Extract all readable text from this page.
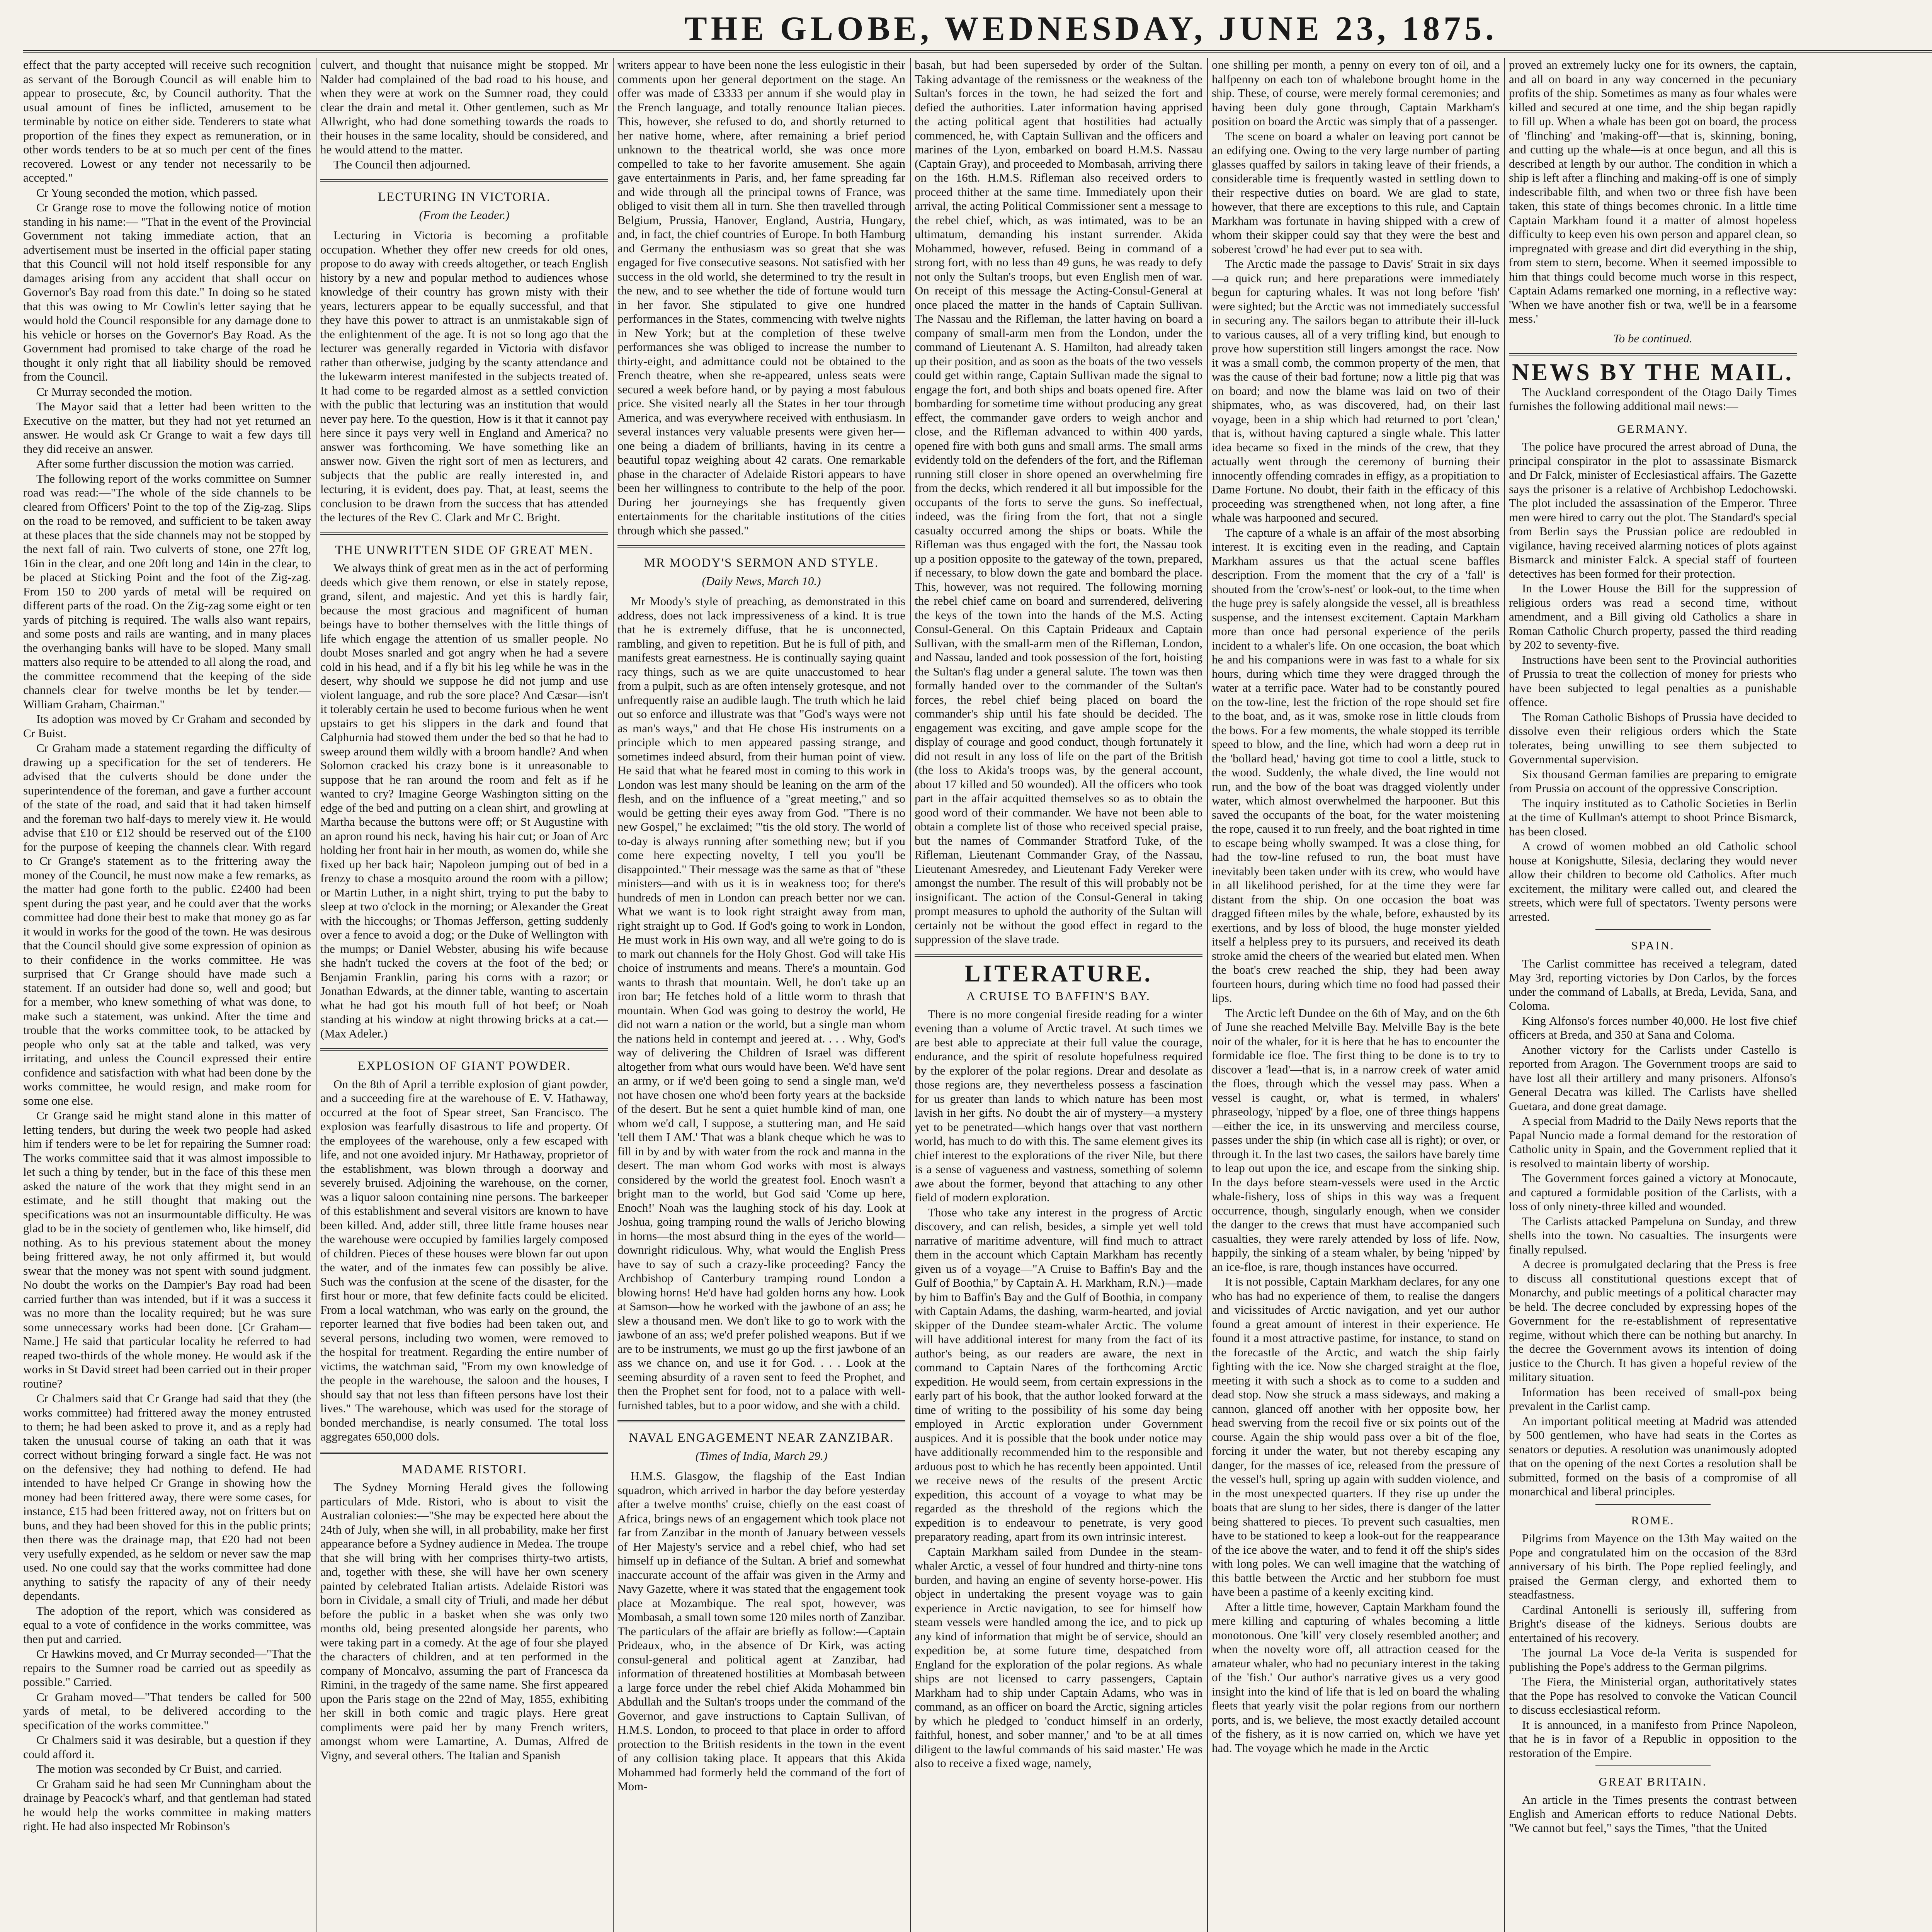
THE GLOBE, WEDNESDAY, JUNE 23, 1875.

effect that the party accepted will receive such recognition as servant of the Borough Council as will enable him to appear to prosecute, &c, by Council authority. That the usual amount of fines be inflicted, amusement to be terminable by notice on either side. Tenderers to state what proportion of the fines they expect as remuneration, or in other words tenders to be at so much per cent of the fines recovered. Lowest or any tender not necessarily to be accepted."

Cr Young seconded the motion, which passed.

Cr Grange rose to move the following notice of motion standing in his name:— "That in the event of the Provincial Government not taking immediate action, that an advertisement must be inserted in the official paper stating that this Council will not hold itself responsible for any damages arising from any accident that shall occur on Governor's Bay road from this date." In doing so he stated that this was owing to Mr Cowlin's letter saying that he would hold the Council responsible for any damage done to his vehicle or horses on the Governor's Bay Road. As the Government had promised to take charge of the road he thought it only right that all liability should be removed from the Council.

Cr Murray seconded the motion.

The Mayor said that a letter had been written to the Executive on the matter, but they had not yet returned an answer. He would ask Cr Grange to wait a few days till they did receive an answer.

After some further discussion the motion was carried.

The following report of the works committee on Sumner road was read:—"The whole of the side channels to be cleared from Officers' Point to the top of the Zig-zag. Slips on the road to be removed, and sufficient to be taken away at these places that the side channels may not be stopped by the next fall of rain. Two culverts of stone, one 27ft log, 16in in the clear, and one 20ft long and 14in in the clear, to be placed at Sticking Point and the foot of the Zig-zag. From 150 to 200 yards of metal will be required on different parts of the road. On the Zig-zag some eight or ten yards of pitching is required. The walls also want repairs, and some posts and rails are wanting, and in many places the overhanging banks will have to be sloped. Many small matters also require to be attended to all along the road, and the committee recommend that the keeping of the side channels clear for twelve months be let by tender.—William Graham, Chairman."

Its adoption was moved by Cr Graham and seconded by Cr Buist.

Cr Graham made a statement regarding the difficulty of drawing up a specification for the set of tenderers. He advised that the culverts should be done under the superintendence of the foreman, and gave a further account of the state of the road, and said that it had taken himself and the foreman two half-days to merely view it. He would advise that £10 or £12 should be reserved out of the £100 for the purpose of keeping the channels clear. With regard to Cr Grange's statement as to the frittering away the money of the Council, he must now make a few remarks, as the matter had gone forth to the public. £2400 had been spent during the past year, and he could aver that the works committee had done their best to make that money go as far it would in works for the good of the town. He was desirous that the Council should give some expression of opinion as to their confidence in the works committee. He was surprised that Cr Grange should have made such a statement. If an outsider had done so, well and good; but for a member, who knew something of what was done, to make such a statement, was unkind. After the time and trouble that the works committee took, to be attacked by people who only sat at the table and talked, was very irritating, and unless the Council expressed their entire confidence and satisfaction with what had been done by the works committee, he would resign, and make room for some one else.

Cr Grange said he might stand alone in this matter of letting tenders, but during the week two people had asked him if tenders were to be let for repairing the Sumner road: The works committee said that it was almost impossible to let such a thing by tender, but in the face of this these men asked the nature of the work that they might send in an estimate, and he still thought that making out the specifications was not an insurmountable difficulty. He was glad to be in the society of gentlemen who, like himself, did nothing. As to his previous statement about the money being frittered away, he not only affirmed it, but would swear that the money was not spent with sound judgment. No doubt the works on the Dampier's Bay road had been carried further than was intended, but if it was a success it was no more than the locality required; but he was sure some unnecessary works had been done. [Cr Graham—Name.] He said that particular locality he referred to had reaped two-thirds of the whole money. He would ask if the works in St David street had been carried out in their proper routine?

Cr Chalmers said that Cr Grange had said that they (the works committee) had frittered away the money entrusted to them; he had been asked to prove it, and as a reply had taken the unusual course of taking an oath that it was correct without bringing forward a single fact. He was not on the defensive; they had nothing to defend. He had intended to have helped Cr Grange in showing how the money had been frittered away, there were some cases, for instance, £15 had been frittered away, not on fritters but on buns, and they had been shoved for this in the public prints; then there was the drainage map, that £20 had not been very usefully expended, as he seldom or never saw the map used. No one could say that the works committee had done anything to satisfy the rapacity of any of their needy dependants.

The adoption of the report, which was considered as equal to a vote of confidence in the works committee, was then put and carried.

Cr Hawkins moved, and Cr Murray seconded—"That the repairs to the Sumner road be carried out as speedily as possible." Carried.

Cr Graham moved—"That tenders be called for 500 yards of metal, to be delivered according to the specification of the works committee."

Cr Chalmers said it was desirable, but a question if they could afford it.

The motion was seconded by Cr Buist, and carried.

Cr Graham said he had seen Mr Cunningham about the drainage by Peacock's wharf, and that gentleman had stated he would help the works committee in making matters right. He had also inspected Mr Robinson's

culvert, and thought that nuisance might be stopped. Mr Nalder had complained of the bad road to his house, and when they were at work on the Sumner road, they could clear the drain and metal it. Other gentlemen, such as Mr Allwright, who had done something towards the roads to their houses in the same locality, should be considered, and he would attend to the matter.

The Council then adjourned.

LECTURING IN VICTORIA.
(From the Leader.)

Lecturing in Victoria is becoming a profitable occupation. Whether they offer new creeds for old ones, propose to do away with creeds altogether, or teach English history by a new and popular method to audiences whose knowledge of their country has grown misty with their years, lecturers appear to be equally successful, and that they have this power to attract is an unmistakable sign of the enlightenment of the age. It is not so long ago that the lecturer was generally regarded in Victoria with disfavor rather than otherwise, judging by the scanty attendance and the lukewarm interest manifested in the subjects treated of. It had come to be regarded almost as a settled conviction with the public that lecturing was an institution that would never pay here. To the question, How is it that it cannot pay here since it pays very well in England and America? no answer was forthcoming. We have something like an answer now. Given the right sort of men as lecturers, and subjects that the public are really interested in, and lecturing, it is evident, does pay. That, at least, seems the conclusion to be drawn from the success that has attended the lectures of the Rev C. Clark and Mr C. Bright.

THE UNWRITTEN SIDE OF GREAT MEN.

We always think of great men as in the act of performing deeds which give them renown, or else in stately repose, grand, silent, and majestic. And yet this is hardly fair, because the most gracious and magnificent of human beings have to bother themselves with the little things of life which engage the attention of us smaller people. No doubt Moses snarled and got angry when he had a severe cold in his head, and if a fly bit his leg while he was in the desert, why should we suppose he did not jump and use violent language, and rub the sore place? And Cæsar—isn't it tolerably certain he used to become furious when he went upstairs to get his slippers in the dark and found that Calphurnia had stowed them under the bed so that he had to sweep around them wildly with a broom handle? And when Solomon cracked his crazy bone is it unreasonable to suppose that he ran around the room and felt as if he wanted to cry? Imagine George Washington sitting on the edge of the bed and putting on a clean shirt, and growling at Martha because the buttons were off; or St Augustine with an apron round his neck, having his hair cut; or Joan of Arc holding her front hair in her mouth, as women do, while she fixed up her back hair; Napoleon jumping out of bed in a frenzy to chase a mosquito around the room with a pillow; or Martin Luther, in a night shirt, trying to put the baby to sleep at two o'clock in the morning; or Alexander the Great with the hiccoughs; or Thomas Jefferson, getting suddenly over a fence to avoid a dog; or the Duke of Wellington with the mumps; or Daniel Webster, abusing his wife because she hadn't tucked the covers at the foot of the bed; or Benjamin Franklin, paring his corns with a razor; or Jonathan Edwards, at the dinner table, wanting to ascertain what he had got his mouth full of hot beef; or Noah standing at his window at night throwing bricks at a cat.—(Max Adeler.)

EXPLOSION OF GIANT POWDER.

On the 8th of April a terrible explosion of giant powder, and a succeeding fire at the warehouse of E. V. Hathaway, occurred at the foot of Spear street, San Francisco. The explosion was fearfully disastrous to life and property. Of the employees of the warehouse, only a few escaped with life, and not one avoided injury. Mr Hathaway, proprietor of the establishment, was blown through a doorway and severely bruised. Adjoining the warehouse, on the corner, was a liquor saloon containing nine persons. The barkeeper of this establishment and several visitors are known to have been killed. And, adder still, three little frame houses near the warehouse were occupied by families largely composed of children. Pieces of these houses were blown far out upon the water, and of the inmates few can possibly be alive. Such was the confusion at the scene of the disaster, for the first hour or more, that few definite facts could be elicited. From a local watchman, who was early on the ground, the reporter learned that five bodies had been taken out, and several persons, including two women, were removed to the hospital for treatment. Regarding the entire number of victims, the watchman said, "From my own knowledge of the people in the warehouse, the saloon and the houses, I should say that not less than fifteen persons have lost their lives." The warehouse, which was used for the storage of bonded merchandise, is nearly consumed. The total loss aggregates 650,000 dols.

MADAME RISTORI.

The Sydney Morning Herald gives the following particulars of Mde. Ristori, who is about to visit the Australian colonies:—"She may be expected here about the 24th of July, when she will, in all probability, make her first appearance before a Sydney audience in Medea. The troupe that she will bring with her comprises thirty-two artists, and, together with these, she will have her own scenery painted by celebrated Italian artists. Adelaide Ristori was born in Cividale, a small city of Triuli, and made her début before the public in a basket when she was only two months old, being presented alongside her parents, who were taking part in a comedy. At the age of four she played the characters of children, and at ten performed in the company of Moncalvo, assuming the part of Francesca da Rimini, in the tragedy of the same name. She first appeared upon the Paris stage on the 22nd of May, 1855, exhibiting her skill in both comic and tragic plays. Here great compliments were paid her by many French writers, amongst whom were Lamartine, A. Dumas, Alfred de Vigny, and several others. The Italian and Spanish

writers appear to have been none the less eulogistic in their comments upon her general deportment on the stage. An offer was made of £3333 per annum if she would play in the French language, and totally renounce Italian pieces. This, however, she refused to do, and shortly returned to her native home, where, after remaining a brief period unknown to the theatrical world, she was once more compelled to take to her favorite amusement. She again gave entertainments in Paris, and, her fame spreading far and wide through all the principal towns of France, was obliged to visit them all in turn. She then travelled through Belgium, Prussia, Hanover, England, Austria, Hungary, and, in fact, the chief countries of Europe. In both Hamburg and Germany the enthusiasm was so great that she was engaged for five consecutive seasons. Not satisfied with her success in the old world, she determined to try the result in the new, and to see whether the tide of fortune would turn in her favor. She stipulated to give one hundred performances in the States, commencing with twelve nights in New York; but at the completion of these twelve performances she was obliged to increase the number to thirty-eight, and admittance could not be obtained to the French theatre, when she re-appeared, unless seats were secured a week before hand, or by paying a most fabulous price. She visited nearly all the States in her tour through America, and was everywhere received with enthusiasm. In several instances very valuable presents were given her—one being a diadem of brilliants, having in its centre a beautiful topaz weighing about 42 carats. One remarkable phase in the character of Adelaide Ristori appears to have been her willingness to contribute to the help of the poor. During her journeyings she has frequently given entertainments for the charitable institutions of the cities through which she passed."

MR MOODY'S SERMON AND STYLE.
(Daily News, March 10.)

Mr Moody's style of preaching, as demonstrated in this address, does not lack impressiveness of a kind. It is true that he is extremely diffuse, that he is unconnected, rambling, and given to repetition. But he is full of pith, and manifests great earnestness. He is continually saying quaint racy things, such as we are quite unaccustomed to hear from a pulpit, such as are often intensely grotesque, and not unfrequently raise an audible laugh. The truth which he laid out so enforce and illustrate was that "God's ways were not as man's ways," and that He chose His instruments on a principle which to men appeared passing strange, and sometimes indeed absurd, from their human point of view. He said that what he feared most in coming to this work in London was lest many should be leaning on the arm of the flesh, and on the influence of a "great meeting," and so would be getting their eyes away from God. "There is no new Gospel," he exclaimed; "'tis the old story. The world of to-day is always running after something new; but if you come here expecting novelty, I tell you you'll be disappointed." Their message was the same as that of "these ministers—and with us it is in weakness too; for there's hundreds of men in London can preach better nor we can. What we want is to look right straight away from man, right straight up to God. If God's going to work in London, He must work in His own way, and all we're going to do is to mark out channels for the Holy Ghost. God will take His choice of instruments and means. There's a mountain. God wants to thrash that mountain. Well, he don't take up an iron bar; He fetches hold of a little worm to thrash that mountain. When God was going to destroy the world, He did not warn a nation or the world, but a single man whom the nations held in contempt and jeered at. . . . Why, God's way of delivering the Children of Israel was different altogether from what ours would have been. We'd have sent an army, or if we'd been going to send a single man, we'd not have chosen one who'd been forty years at the backside of the desert. But he sent a quiet humble kind of man, one whom we'd call, I suppose, a stuttering man, and He said 'tell them I AM.' That was a blank cheque which he was to fill in by and by with water from the rock and manna in the desert. The man whom God works with most is always considered by the world the greatest fool. Enoch wasn't a bright man to the world, but God said 'Come up here, Enoch!' Noah was the laughing stock of his day. Look at Joshua, going tramping round the walls of Jericho blowing in horns—the most absurd thing in the eyes of the world—downright ridiculous. Why, what would the English Press have to say of such a crazy-like proceeding? Fancy the Archbishop of Canterbury tramping round London a blowing horns! He'd have had golden horns any how. Look at Samson—how he worked with the jawbone of an ass; he slew a thousand men. We don't like to go to work with the jawbone of an ass; we'd prefer polished weapons. But if we are to be instruments, we must go up the first jawbone of an ass we chance on, and use it for God. . . . Look at the seeming absurdity of a raven sent to feed the Prophet, and then the Prophet sent for food, not to a palace with well-furnished tables, but to a poor widow, and she with a child.

NAVAL ENGAGEMENT NEAR ZANZIBAR.
(Times of India, March 29.)

H.M.S. Glasgow, the flagship of the East Indian squadron, which arrived in harbor the day before yesterday after a twelve months' cruise, chiefly on the east coast of Africa, brings news of an engagement which took place not far from Zanzibar in the month of January between vessels of Her Majesty's service and a rebel chief, who had set himself up in defiance of the Sultan. A brief and somewhat inaccurate account of the affair was given in the Army and Navy Gazette, where it was stated that the engagement took place at Mozambique. The real spot, however, was Mombasah, a small town some 120 miles north of Zanzibar. The particulars of the affair are briefly as follow:—Captain Prideaux, who, in the absence of Dr Kirk, was acting consul-general and political agent at Zanzibar, had information of threatened hostilities at Mombasah between a large force under the rebel chief Akida Mohammed bin Abdullah and the Sultan's troops under the command of the Governor, and gave instructions to Captain Sullivan, of H.M.S. London, to proceed to that place in order to afford protection to the British residents in the town in the event of any collision taking place. It appears that this Akida Mohammed had formerly held the command of the fort of Mom-

basah, but had been superseded by order of the Sultan. Taking advantage of the remissness or the weakness of the Sultan's forces in the town, he had seized the fort and defied the authorities. Later information having apprised the acting political agent that hostilities had actually commenced, he, with Captain Sullivan and the officers and marines of the Lyon, embarked on board H.M.S. Nassau (Captain Gray), and proceeded to Mombasah, arriving there on the 16th. H.M.S. Rifleman also received orders to proceed thither at the same time. Immediately upon their arrival, the acting Political Commissioner sent a message to the rebel chief, which, as was intimated, was to be an ultimatum, demanding his instant surrender. Akida Mohammed, however, refused. Being in command of a strong fort, with no less than 49 guns, he was ready to defy not only the Sultan's troops, but even English men of war. On receipt of this message the Acting-Consul-General at once placed the matter in the hands of Captain Sullivan. The Nassau and the Rifleman, the latter having on board a company of small-arm men from the London, under the command of Lieutenant A. S. Hamilton, had already taken up their position, and as soon as the boats of the two vessels could get within range, Captain Sullivan made the signal to engage the fort, and both ships and boats opened fire. After bombarding for sometime time without producing any great effect, the commander gave orders to weigh anchor and close, and the Rifleman advanced to within 400 yards, opened fire with both guns and small arms. The small arms evidently told on the defenders of the fort, and the Rifleman running still closer in shore opened an overwhelming fire from the decks, which rendered it all but impossible for the occupants of the forts to serve the guns. So ineffectual, indeed, was the firing from the fort, that not a single casualty occurred among the ships or boats. While the Rifleman was thus engaged with the fort, the Nassau took up a position opposite to the gateway of the town, prepared, if necessary, to blow down the gate and bombard the place. This, however, was not required. The following morning the rebel chief came on board and surrendered, delivering the keys of the town into the hands of the M.S. Acting Consul-General. On this Captain Prideaux and Captain Sullivan, with the small-arm men of the Rifleman, London, and Nassau, landed and took possession of the fort, hoisting the Sultan's flag under a general salute. The town was then formally handed over to the commander of the Sultan's forces, the rebel chief being placed on board the commander's ship until his fate should be decided. The engagement was exciting, and gave ample scope for the display of courage and good conduct, though fortunately it did not result in any loss of life on the part of the British (the loss to Akida's troops was, by the general account, about 17 killed and 50 wounded). All the officers who took part in the affair acquitted themselves so as to obtain the good word of their commander. We have not been able to obtain a complete list of those who received special praise, but the names of Commander Stratford Tuke, of the Rifleman, Lieutenant Commander Gray, of the Nassau, Lieutenant Amesredey, and Lieutenant Fady Vereker were amongst the number. The result of this will probably not be insignificant. The action of the Consul-General in taking prompt measures to uphold the authority of the Sultan will certainly not be without the good effect in regard to the suppression of the slave trade.

LITERATURE.
A CRUISE TO BAFFIN'S BAY.

There is no more congenial fireside reading for a winter evening than a volume of Arctic travel. At such times we are best able to appreciate at their full value the courage, endurance, and the spirit of resolute hopefulness required by the explorer of the polar regions. Drear and desolate as those regions are, they nevertheless possess a fascination for us greater than lands to which nature has been most lavish in her gifts. No doubt the air of mystery—a mystery yet to be penetrated—which hangs over that vast northern world, has much to do with this. The same element gives its chief interest to the explorations of the river Nile, but there is a sense of vagueness and vastness, something of solemn awe about the former, beyond that attaching to any other field of modern exploration.

Those who take any interest in the progress of Arctic discovery, and can relish, besides, a simple yet well told narrative of maritime adventure, will find much to attract them in the account which Captain Markham has recently given us of a voyage—"A Cruise to Baffin's Bay and the Gulf of Boothia," by Captain A. H. Markham, R.N.)—made by him to Baffin's Bay and the Gulf of Boothia, in company with Captain Adams, the dashing, warm-hearted, and jovial skipper of the Dundee steam-whaler Arctic. The volume will have additional interest for many from the fact of its author's being, as our readers are aware, the next in command to Captain Nares of the forthcoming Arctic expedition. He would seem, from certain expressions in the early part of his book, that the author looked forward at the time of writing to the possibility of his some day being employed in Arctic exploration under Government auspices. And it is possible that the book under notice may have additionally recommended him to the responsible and arduous post to which he has recently been appointed. Until we receive news of the results of the present Arctic expedition, this account of a voyage to what may be regarded as the threshold of the regions which the expedition is to endeavour to penetrate, is very good preparatory reading, apart from its own intrinsic interest.

Captain Markham sailed from Dundee in the steam-whaler Arctic, a vessel of four hundred and thirty-nine tons burden, and having an engine of seventy horse-power. His object in undertaking the present voyage was to gain experience in Arctic navigation, to see for himself how steam vessels were handled among the ice, and to pick up any kind of information that might be of service, should an expedition be, at some future time, despatched from England for the exploration of the polar regions. As whale ships are not licensed to carry passengers, Captain Markham had to ship under Captain Adams, who was in command, as an officer on board the Arctic, signing articles by which he pledged to 'conduct himself in an orderly, faithful, honest, and sober manner,' and 'to be at all times diligent to the lawful commands of his said master.' He was also to receive a fixed wage, namely,

one shilling per month, a penny on every ton of oil, and a halfpenny on each ton of whalebone brought home in the ship. These, of course, were merely formal ceremonies; and having been duly gone through, Captain Markham's position on board the Arctic was simply that of a passenger.

The scene on board a whaler on leaving port cannot be an edifying one. Owing to the very large number of parting glasses quaffed by sailors in taking leave of their friends, a considerable time is frequently wasted in settling down to their respective duties on board. We are glad to state, however, that there are exceptions to this rule, and Captain Markham was fortunate in having shipped with a crew of whom their skipper could say that they were the best and soberest 'crowd' he had ever put to sea with.

The Arctic made the passage to Davis' Strait in six days—a quick run; and here preparations were immediately begun for capturing whales. It was not long before 'fish' were sighted; but the Arctic was not immediately successful in securing any. The sailors began to attribute their ill-luck to various causes, all of a very trifling kind, but enough to prove how superstition still lingers amongst the race. Now it was a small comb, the common property of the men, that was the cause of their bad fortune; now a little pig that was on board; and now the blame was laid on two of their shipmates, who, as was discovered, had, on their last voyage, been in a ship which had returned to port 'clean,' that is, without having captured a single whale. This latter idea became so fixed in the minds of the crew, that they actually went through the ceremony of burning their innocently offending comrades in effigy, as a propitiation to Dame Fortune. No doubt, their faith in the efficacy of this proceeding was strengthened when, not long after, a fine whale was harpooned and secured.

The capture of a whale is an affair of the most absorbing interest. It is exciting even in the reading, and Captain Markham assures us that the actual scene baffles description. From the moment that the cry of a 'fall' is shouted from the 'crow's-nest' or look-out, to the time when the huge prey is safely alongside the vessel, all is breathless suspense, and the intensest excitement. Captain Markham more than once had personal experience of the perils incident to a whaler's life. On one occasion, the boat which he and his companions were in was fast to a whale for six hours, during which time they were dragged through the water at a terrific pace. Water had to be constantly poured on the tow-line, lest the friction of the rope should set fire to the boat, and, as it was, smoke rose in little clouds from the bows. For a few moments, the whale stopped its terrible speed to blow, and the line, which had worn a deep rut in the 'bollard head,' having got time to cool a little, stuck to the wood. Suddenly, the whale dived, the line would not run, and the bow of the boat was dragged violently under water, which almost overwhelmed the harpooner. But this saved the occupants of the boat, for the water moistening the rope, caused it to run freely, and the boat righted in time to escape being wholly swamped. It was a close thing, for had the tow-line refused to run, the boat must have inevitably been taken under with its crew, who would have in all likelihood perished, for at the time they were far distant from the ship. On one occasion the boat was dragged fifteen miles by the whale, before, exhausted by its exertions, and by loss of blood, the huge monster yielded itself a helpless prey to its pursuers, and received its death stroke amid the cheers of the wearied but elated men. When the boat's crew reached the ship, they had been away fourteen hours, during which time no food had passed their lips.

The Arctic left Dundee on the 6th of May, and on the 6th of June she reached Melville Bay. Melville Bay is the bete noir of the whaler, for it is here that he has to encounter the formidable ice floe. The first thing to be done is to try to discover a 'lead'—that is, in a narrow creek of water amid the floes, through which the vessel may pass. When a vessel is caught, or, what is termed, in whalers' phraseology, 'nipped' by a floe, one of three things happens—either the ice, in its unswerving and merciless course, passes under the ship (in which case all is right); or over, or through it. In the last two cases, the sailors have barely time to leap out upon the ice, and escape from the sinking ship. In the days before steam-vessels were used in the Arctic whale-fishery, loss of ships in this way was a frequent occurrence, though, singularly enough, when we consider the danger to the crews that must have accompanied such casualties, they were rarely attended by loss of life. Now, happily, the sinking of a steam whaler, by being 'nipped' by an ice-floe, is rare, though instances have occurred.

It is not possible, Captain Markham declares, for any one who has had no experience of them, to realise the dangers and vicissitudes of Arctic navigation, and yet our author found a great amount of interest in their experience. He found it a most attractive pastime, for instance, to stand on the forecastle of the Arctic, and watch the ship fairly fighting with the ice. Now she charged straight at the floe, meeting it with such a shock as to come to a sudden and dead stop. Now she struck a mass sideways, and making a cannon, glanced off another with her opposite bow, her head swerving from the recoil five or six points out of the course. Again the ship would pass over a bit of the floe, forcing it under the water, but not thereby escaping any danger, for the masses of ice, released from the pressure of the vessel's hull, spring up again with sudden violence, and in the most unexpected quarters. If they rise up under the boats that are slung to her sides, there is danger of the latter being shattered to pieces. To prevent such casualties, men have to be stationed to keep a look-out for the reappearance of the ice above the water, and to fend it off the ship's sides with long poles. We can well imagine that the watching of this battle between the Arctic and her stubborn foe must have been a pastime of a keenly exciting kind.

After a little time, however, Captain Markham found the mere killing and capturing of whales becoming a little monotonous. One 'kill' very closely resembled another; and when the novelty wore off, all attraction ceased for the amateur whaler, who had no pecuniary interest in the taking of the 'fish.' Our author's narrative gives us a very good insight into the kind of life that is led on board the whaling fleets that yearly visit the polar regions from our northern ports, and is, we believe, the most exactly detailed account of the fishery, as it is now carried on, which we have yet had. The voyage which he made in the Arctic

proved an extremely lucky one for its owners, the captain, and all on board in any way concerned in the pecuniary profits of the ship. Sometimes as many as four whales were killed and secured at one time, and the ship began rapidly to fill up. When a whale has been got on board, the process of 'flinching' and 'making-off'—that is, skinning, boning, and cutting up the whale—is at once begun, and all this is described at length by our author. The condition in which a ship is left after a flinching and making-off is one of simply indescribable filth, and when two or three fish have been taken, this state of things becomes chronic. In a little time Captain Markham found it a matter of almost hopeless difficulty to keep even his own person and apparel clean, so impregnated with grease and dirt did everything in the ship, from stem to stern, become. When it seemed impossible to him that things could become much worse in this respect, Captain Adams remarked one morning, in a reflective way: 'When we have another fish or twa, we'll be in a fearsome mess.'

To be continued.
NEWS BY THE MAIL.

The Auckland correspondent of the Otago Daily Times furnishes the following additional mail news:—

GERMANY.

The police have procured the arrest abroad of Duna, the principal conspirator in the plot to assassinate Bismarck and Dr Falck, minister of Ecclesiastical affairs. The Gazette says the prisoner is a relative of Archbishop Ledochowski. The plot included the assassination of the Emperor. Three men were hired to carry out the plot. The Standard's special from Berlin says the Prussian police are redoubled in vigilance, having received alarming notices of plots against Bismarck and minister Falck. A special staff of fourteen detectives has been formed for their protection.

In the Lower House the Bill for the suppression of religious orders was read a second time, without amendment, and a Bill giving old Catholics a share in Roman Catholic Church property, passed the third reading by 202 to seventy-five.

Instructions have been sent to the Provincial authorities of Prussia to treat the collection of money for priests who have been subjected to legal penalties as a punishable offence.

The Roman Catholic Bishops of Prussia have decided to dissolve even their religious orders which the State tolerates, being unwilling to see them subjected to Governmental supervision.

Six thousand German families are preparing to emigrate from Prussia on account of the oppressive Conscription.

The inquiry instituted as to Catholic Societies in Berlin at the time of Kullman's attempt to shoot Prince Bismarck, has been closed.

A crowd of women mobbed an old Catholic school house at Konigshutte, Silesia, declaring they would never allow their children to become old Catholics. After much excitement, the military were called out, and cleared the streets, which were full of spectators. Twenty persons were arrested.

SPAIN.

The Carlist committee has received a telegram, dated May 3rd, reporting victories by Don Carlos, by the forces under the command of Laballs, at Breda, Levida, Sana, and Coloma.

King Alfonso's forces number 40,000. He lost five chief officers at Breda, and 350 at Sana and Coloma.

Another victory for the Carlists under Castello is reported from Aragon. The Government troops are said to have lost all their artillery and many prisoners. Alfonso's General Decatra was killed. The Carlists have shelled Guetara, and done great damage.

A special from Madrid to the Daily News reports that the Papal Nuncio made a formal demand for the restoration of Catholic unity in Spain, and the Government replied that it is resolved to maintain liberty of worship.

The Government forces gained a victory at Monocaute, and captured a formidable position of the Carlists, with a loss of only ninety-three killed and wounded.

The Carlists attacked Pampeluna on Sunday, and threw shells into the town. No casualties. The insurgents were finally repulsed.

A decree is promulgated declaring that the Press is free to discuss all constitutional questions except that of Monarchy, and public meetings of a political character may be held. The decree concluded by expressing hopes of the Government for the re-establishment of representative regime, without which there can be nothing but anarchy. In the decree the Government avows its intention of doing justice to the Church. It has given a hopeful review of the military situation.

Information has been received of small-pox being prevalent in the Carlist camp.

An important political meeting at Madrid was attended by 500 gentlemen, who have had seats in the Cortes as senators or deputies. A resolution was unanimously adopted that on the opening of the next Cortes a resolution shall be submitted, formed on the basis of a compromise of all monarchical and liberal principles.

ROME.

Pilgrims from Mayence on the 13th May waited on the Pope and congratulated him on the occasion of the 83rd anniversary of his birth. The Pope replied feelingly, and praised the German clergy, and exhorted them to steadfastness.

Cardinal Antonelli is seriously ill, suffering from Bright's disease of the kidneys. Serious doubts are entertained of his recovery.

The journal La Voce de-la Verita is suspended for publishing the Pope's address to the German pilgrims.

The Fiera, the Ministerial organ, authoritatively states that the Pope has resolved to convoke the Vatican Council to discuss ecclesiastical reform.

It is announced, in a manifesto from Prince Napoleon, that he is in favor of a Republic in opposition to the restoration of the Empire.

GREAT BRITAIN.

An article in the Times presents the contrast between English and American efforts to reduce National Debts. "We cannot but feel," says the Times, "that the United
